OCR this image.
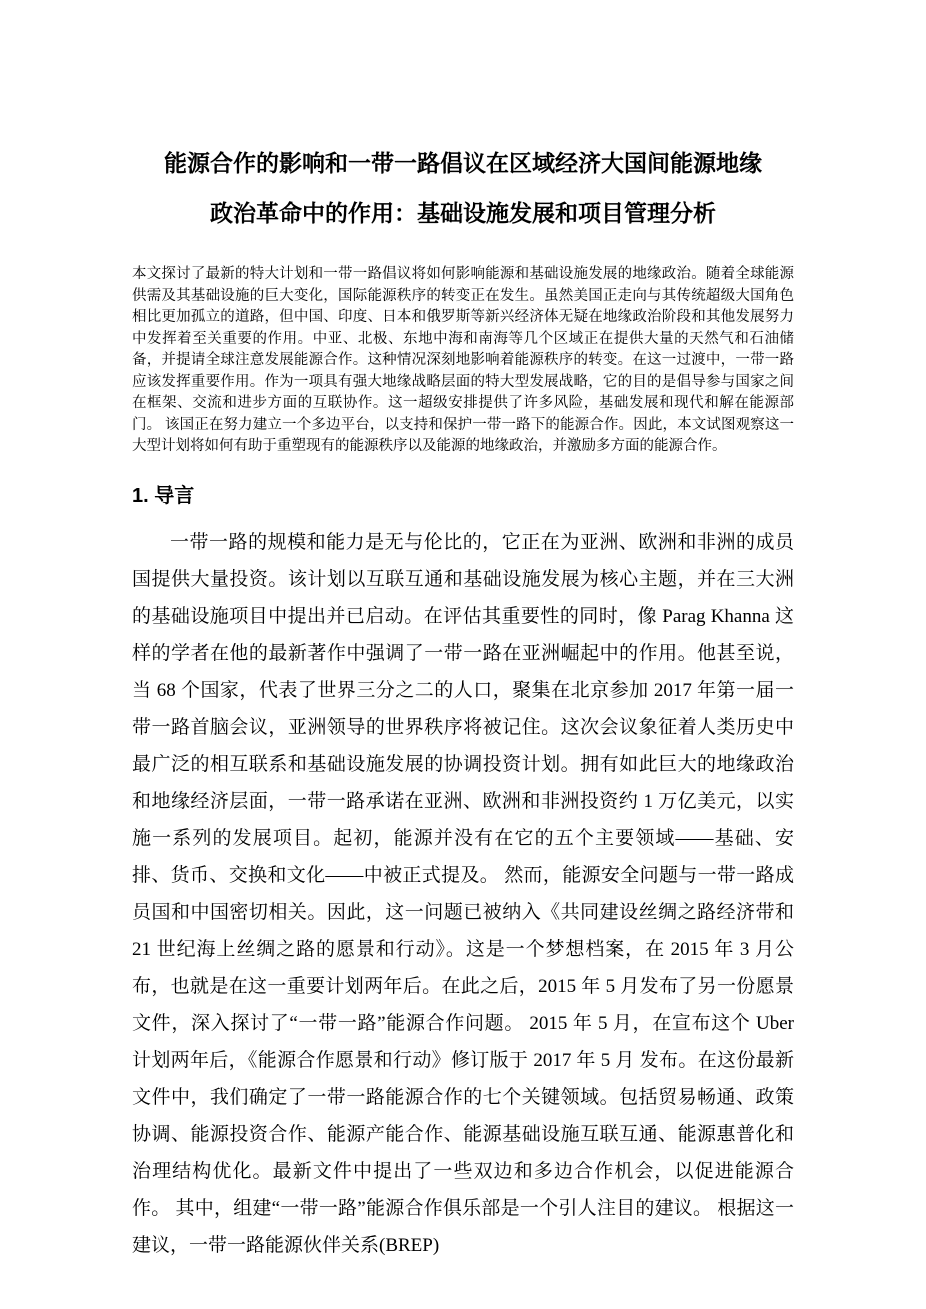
能源合作的影响和一带一路倡议在区域经济大国间能源地缘
政治革命中的作用：基础设施发展和项目管理分析

本文探讨了最新的特大计划和一带一路倡议将如何影响能源和基础设施发展的地缘政治。随着全球能源供需及其基础设施的巨大变化，国际能源秩序的转变正在发生。虽然美国正走向与其传统超级大国角色相比更加孤立的道路，但中国、印度、日本和俄罗斯等新兴经济体无疑在地缘政治阶段和其他发展努力中发挥着至关重要的作用。中亚、北极、东地中海和南海等几个区域正在提供大量的天然气和石油储备，并提请全球注意发展能源合作。这种情况深刻地影响着能源秩序的转变。在这一过渡中，一带一路应该发挥重要作用。作为一项具有强大地缘战略层面的特大型发展战略，它的目的是倡导参与国家之间在框架、交流和进步方面的互联协作。这一超级安排提供了许多风险，基础发展和现代和解在能源部门。 该国正在努力建立一个多边平台，以支持和保护一带一路下的能源合作。因此，本文试图观察这一大型计划将如何有助于重塑现有的能源秩序以及能源的地缘政治，并激励多方面的能源合作。

1. 导言

一带一路的规模和能力是无与伦比的，它正在为亚洲、欧洲和非洲的成员国提供大量投资。该计划以互联互通和基础设施发展为核心主题，并在三大洲的基础设施项目中提出并已启动。在评估其重要性的同时，像 Parag Khanna 这样的学者在他的最新著作中强调了一带一路在亚洲崛起中的作用。他甚至说，当 68 个国家，代表了世界三分之二的人口，聚集在北京参加 2017 年第一届一带一路首脑会议，亚洲领导的世界秩序将被记住。这次会议象征着人类历史中最广泛的相互联系和基础设施发展的协调投资计划。拥有如此巨大的地缘政治和地缘经济层面，一带一路承诺在亚洲、欧洲和非洲投资约 1 万亿美元，以实施一系列的发展项目。起初，能源并没有在它的五个主要领域——基础、安排、货币、交换和文化——中被正式提及。 然而，能源安全问题与一带一路成员国和中国密切相关。因此，这一问题已被纳入《共同建设丝绸之路经济带和 21 世纪海上丝绸之路的愿景和行动》。这是一个梦想档案，在 2015 年 3 月公布，也就是在这一重要计划两年后。在此之后，2015 年 5 月发布了另一份愿景文件，深入探讨了“一带一路”能源合作问题。 2015 年 5 月，在宣布这个 Uber 计划两年后，《能源合作愿景和行动》修订版于 2017 年 5 月 发布。在这份最新文件中，我们确定了一带一路能源合作的七个关键领域。包括贸易畅通、政策协调、能源投资合作、能源产能合作、能源基础设施互联互通、能源惠普化和治理结构优化。最新文件中提出了一些双边和多边合作机会，以促进能源合作。 其中，组建“一带一路”能源合作俱乐部是一个引人注目的建议。 根据这一建议，一带一路能源伙伴关系(BREP)
